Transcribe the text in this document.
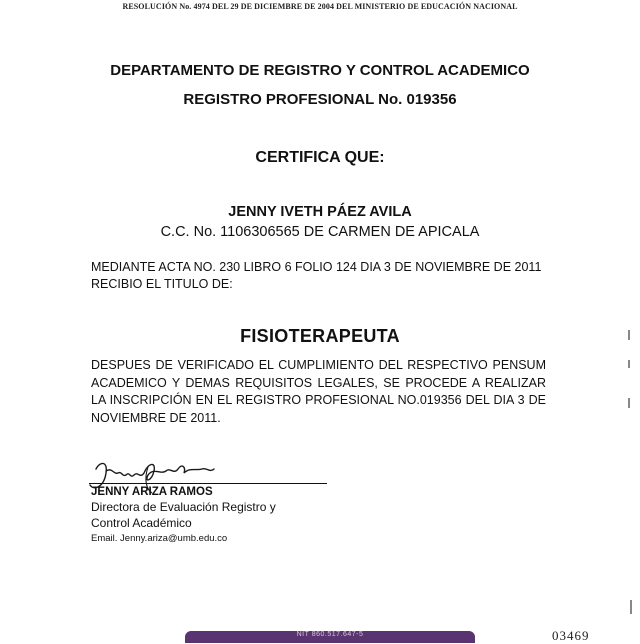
RESOLUCIÓN No. 4974 DEL 29 DE DICIEMBRE DE 2004 DEL MINISTERIO DE EDUCACIÓN NACIONAL
DEPARTAMENTO DE REGISTRO Y CONTROL ACADEMICO
REGISTRO PROFESIONAL No. 019356
CERTIFICA QUE:
JENNY IVETH PÁEZ AVILA
C.C. No. 1106306565 DE CARMEN DE APICALA
MEDIANTE ACTA NO. 230 LIBRO 6 FOLIO 124 DIA 3 DE NOVIEMBRE DE 2011
RECIBIO EL TITULO DE:
FISIOTERAPEUTA
DESPUES DE VERIFICADO EL CUMPLIMIENTO DEL RESPECTIVO PENSUM ACADEMICO Y DEMAS REQUISITOS LEGALES, SE PROCEDE A REALIZAR LA INSCRIPCIÓN EN EL REGISTRO PROFESIONAL NO.019356 DEL DIA 3 DE NOVIEMBRE DE 2011.
JENNY ARIZA RAMOS
Directora de Evaluación Registro y
Control Académico
Email. Jenny.ariza@umb.edu.co
NIT 860.517.647-5	03469
